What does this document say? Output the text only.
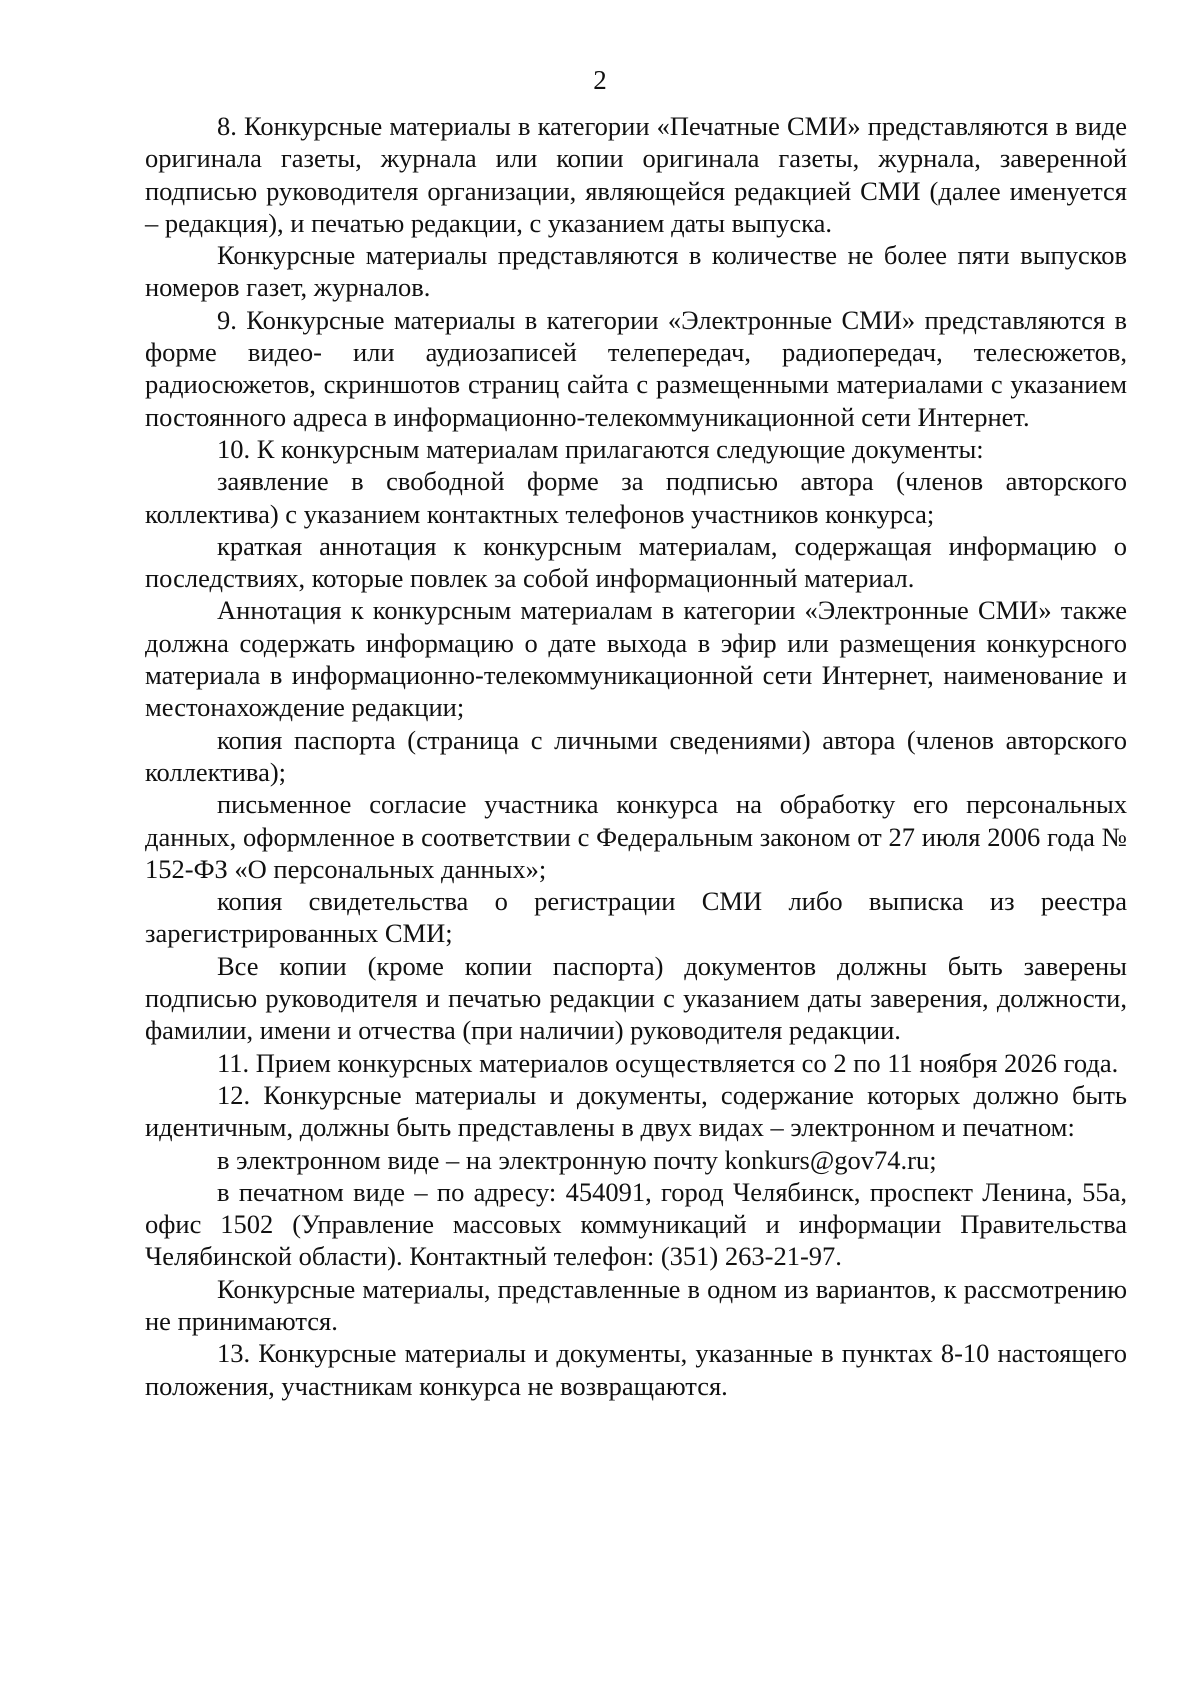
2

8. Конкурсные материалы в категории «Печатные СМИ» представляются в виде оригинала газеты, журнала или копии оригинала газеты, журнала, заверенной подписью руководителя организации, являющейся редакцией СМИ (далее именуется – редакция), и печатью редакции, с указанием даты выпуска.

Конкурсные материалы представляются в количестве не более пяти выпусков номеров газет, журналов.

9. Конкурсные материалы в категории «Электронные СМИ» представляются в форме видео- или аудиозаписей телепередач, радиопередач, телесюжетов, радиосюжетов, скриншотов страниц сайта с размещенными материалами с указанием постоянного адреса в информационно-телекоммуникационной сети Интернет.

10. К конкурсным материалам прилагаются следующие документы:

заявление в свободной форме за подписью автора (членов авторского коллектива) с указанием контактных телефонов участников конкурса;

краткая аннотация к конкурсным материалам, содержащая информацию о последствиях, которые повлек за собой информационный материал.

Аннотация к конкурсным материалам в категории «Электронные СМИ» также должна содержать информацию о дате выхода в эфир или размещения конкурсного материала в информационно-телекоммуникационной сети Интернет, наименование и местонахождение редакции;

копия паспорта (страница с личными сведениями) автора (членов авторского коллектива);

письменное согласие участника конкурса на обработку его персональных данных, оформленное в соответствии с Федеральным законом от 27 июля 2006 года № 152-ФЗ «О персональных данных»;

копия свидетельства о регистрации СМИ либо выписка из реестра зарегистрированных СМИ;

Все копии (кроме копии паспорта) документов должны быть заверены подписью руководителя и печатью редакции с указанием даты заверения, должности, фамилии, имени и отчества (при наличии) руководителя редакции.

11. Прием конкурсных материалов осуществляется со 2 по 11 ноября 2026 года.

12. Конкурсные материалы и документы, содержание которых должно быть идентичным, должны быть представлены в двух видах – электронном и печатном:

в электронном виде – на электронную почту konkurs@gov74.ru;

в печатном виде – по адресу: 454091, город Челябинск, проспект Ленина, 55а, офис 1502 (Управление массовых коммуникаций и информации Правительства Челябинской области). Контактный телефон: (351) 263-21-97.

Конкурсные материалы, представленные в одном из вариантов, к рассмотрению не принимаются.

13. Конкурсные материалы и документы, указанные в пунктах 8-10 настоящего положения, участникам конкурса не возвращаются.
